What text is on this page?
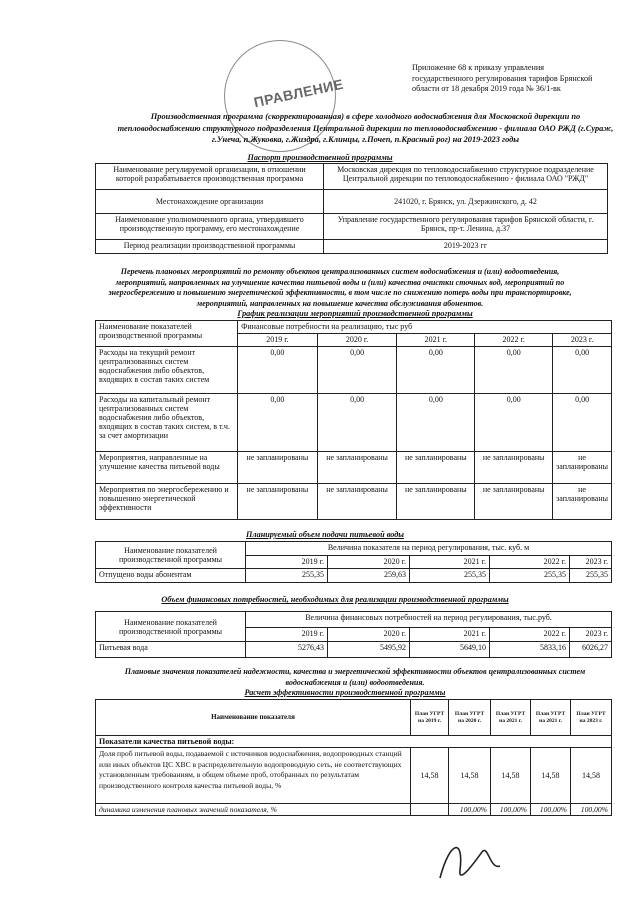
ПРАВЛЕНИЕ
Приложение 68 к приказу управления
государственного регулирования тарифов Брянской
области от 18 декабря 2019 года № 36/1-вк
Производственная программа (скорректированная) в сфере холодного водоснабжения для Московской дирекции по
тепловодоснабжению структурного подразделения Центральной дирекции по тепловодоснабжению - филиала ОАО РЖД (г.Сураж,
г.Унеча, п.Жуковка, г.Жиздра, г.Клинцы, г.Почеп, п.Красный рог) на 2019-2023 годы
Паспорт производственной программы
Наименование регулируемой организации, в отношении которой разрабатывается производственная программа	Московская дирекция по тепловодоснабжению структурное подразделение Центральной дирекции по тепловодоснабжению - филиала ОАО "РЖД"
Местонахождение организации	241020, г. Брянск, ул. Дзержинского, д. 42
Наименование уполномоченного органа, утвердившего производственную программу, его местонахождение	Управление государственного регулирования тарифов Брянской области, г. Брянск, пр-т. Ленина, д.37
Период реализации производственной программы	2019-2023 гг
Перечень плановых мероприятий по ремонту объектов централизованных систем водоснабжения и (или) водоотведения,
мероприятий, направленных на улучшение качества питьевой воды и (или) качества очистки сточных вод, мероприятий по
энергосбережению и повышению энергетической эффективности, в том числе по снижению потерь воды при транспортировке,
мероприятий, направленных на повышение качества обслуживания абонентов.
График реализации мероприятий производственной программы
Наименование показателей производственной программы	Финансовые потребности на реализацию, тыс руб				
	2019 г.	2020 г.	2021 г.	2022 г.	2023 г.
Расходы на текущий ремонт централизованных систем водоснабжения либо объектов, входящих в состав таких систем	0,00	0,00	0,00	0,00	0,00
Расходы на капитальный ремонт централизованных систем водоснабжения либо объектов, входящих в состав таких систем, в т.ч. за счет амортизации	0,00	0,00	0,00	0,00	0,00
Мероприятия, направленные на улучшение качества питьевой воды	не запланированы	не запланированы	не запланированы	не запланированы	не запланированы
Мероприятия по энергосбережению и повышению энергетической эффективности	не запланированы	не запланированы	не запланированы	не запланированы	не запланированы
Планируемый объем подачи питьевой воды
Наименование показателей производственной программы	Величина показателя на период регулирования, тыс. куб. м				
	2019 г.	2020 г.	2021 г.	2022 г.	2023 г.
Отпущено воды абонентам	255,35	259,63	255,35	255,35	255,35
Объем финансовых потребностей, необходимых для реализации производственной программы
Наименование показателей производственной программы	Величина финансовых потребностей на период регулирования, тыс.руб.				
	2019 г.	2020 г.	2021 г.	2022 г.	2023 г.
Питьевая вода	5276,43	5495,92	5649,10	5833,16	6026,27
Плановые значения показателей надежности, качества и энергетической эффективности объектов централизованных систем
водоснабжения и (или) водоотведения.
Расчет эффективности производственной программы
Наименование показателя	План УГРТ на 2019 г.	План УГРТ на 2020 г.	План УГРТ на 2021 г.	План УГРТ на 2021 г.	План УГРТ на 2023 г.
Показатели качества питьевой воды:					
Доля проб питьевой воды, подаваемой с источников водоснабжения, водопроводных станций или иных объектов ЦС ХВС в распределительную водопроводную сеть, не соответствующих установленным требованиям, в общем объеме проб, отобранных по результатам производственного контроля качества питьевой воды, %	14,58	14,58	14,58	14,58	14,58
динамика изменения плановых значений показателя, %		100,00%	100,00%	100,00%	100,00%
